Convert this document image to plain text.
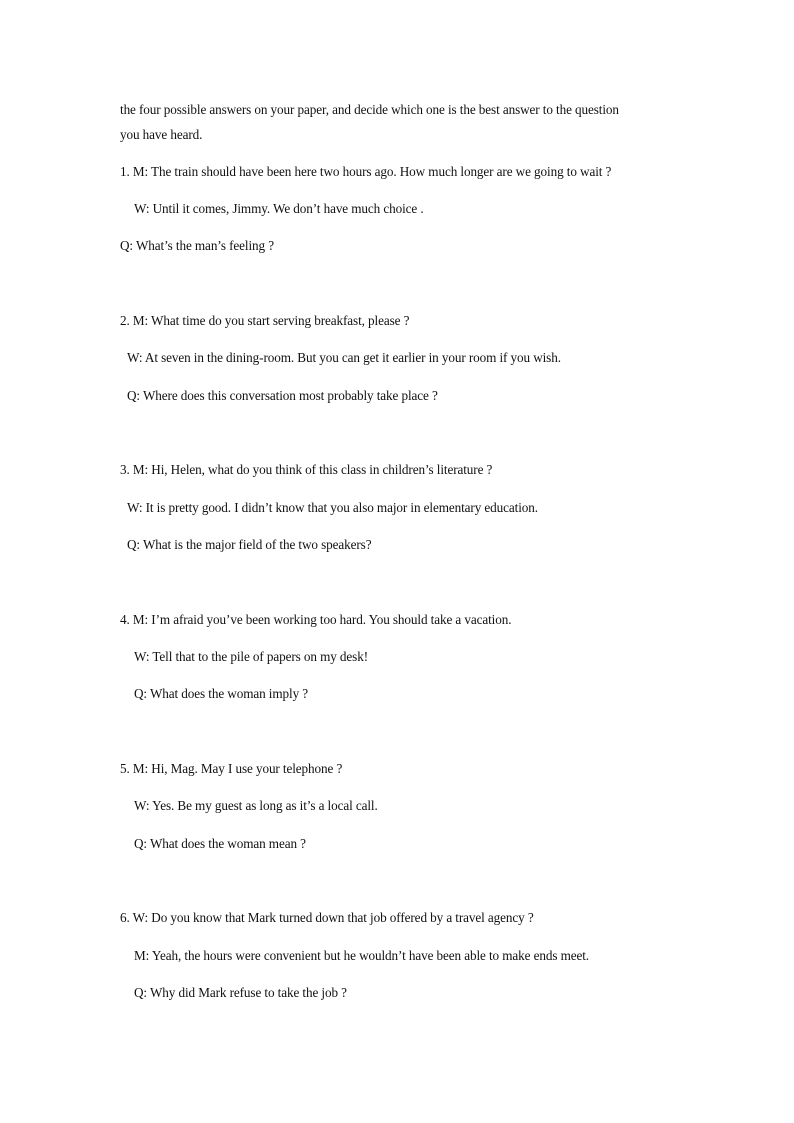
the four possible answers on your paper, and decide which one is the best answer to the question
you have heard.
1. M: The train should have been here two hours ago. How much longer are we going to wait ?
W: Until it comes, Jimmy. We don’t have much choice .
Q: What’s the man’s feeling ?
2. M: What time do you start serving breakfast, please ?
W: At seven in the dining-room. But you can get it earlier in your room if you wish.
Q: Where does this conversation most probably take place ?
3. M: Hi, Helen, what do you think of this class in children’s literature ?
W: It is pretty good. I didn’t know that you also major in elementary education.
Q: What is the major field of the two speakers?
4. M: I’m afraid you’ve been working too hard. You should take a vacation.
W: Tell that to the pile of papers on my desk!
Q: What does the woman imply ?
5. M: Hi, Mag. May I use your telephone ?
W: Yes. Be my guest as long as it’s a local call.
Q: What does the woman mean ?
6. W: Do you know that Mark turned down that job offered by a travel agency ?
M: Yeah, the hours were convenient but he wouldn’t have been able to make ends meet.
Q: Why did Mark refuse to take the job ?
